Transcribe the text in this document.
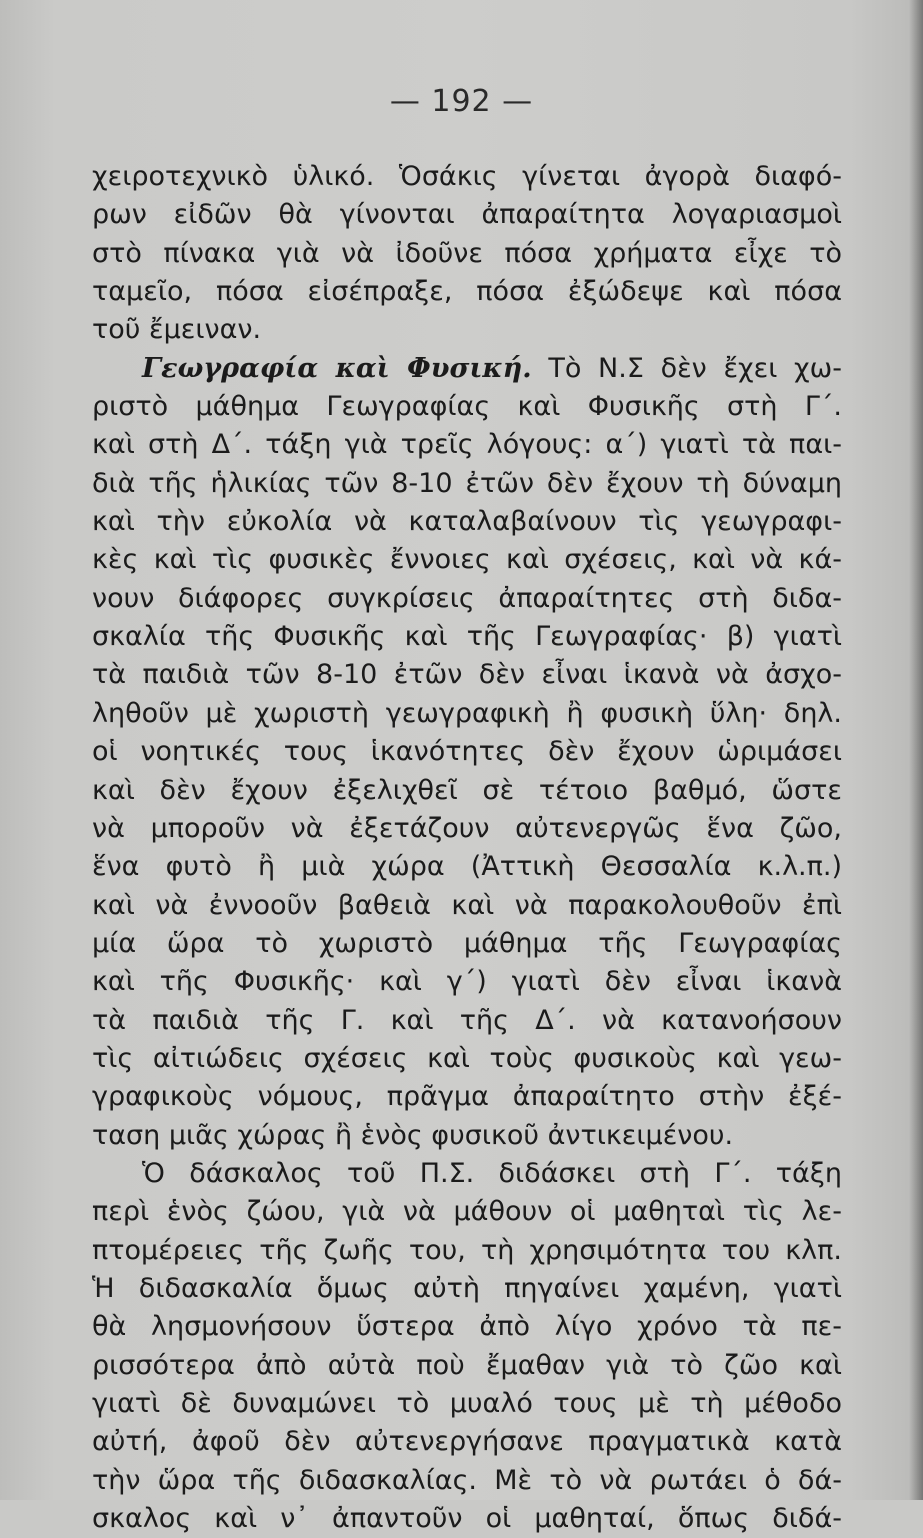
— 192 —
χειροτεχνικὸ ὑλικό. Ὁσάκις γίνεται ἀγορὰ διαφό-
ρων εἰδῶν θὰ γίνονται ἀπαραίτητα λογαριασμοὶ
στὸ πίνακα γιὰ νὰ ἰδοῦνε πόσα χρήματα εἶχε τὸ
ταμεῖο, πόσα εἰσέπραξε, πόσα ἐξώδεψε καὶ πόσα
τοῦ ἔμειναν.
Γεωγραφία καὶ Φυσική. Τὸ Ν.Σ δὲν ἔχει χω-
ριστὸ μάθημα Γεωγραφίας καὶ Φυσικῆς στὴ Γ΄.
καὶ στὴ Δ΄. τάξη γιὰ τρεῖς λόγους: α΄) γιατὶ τὰ παι-
διὰ τῆς ἡλικίας τῶν 8-10 ἐτῶν δὲν ἔχουν τὴ δύναμη
καὶ τὴν εὐκολία νὰ καταλαβαίνουν τὶς γεωγραφι-
κὲς καὶ τὶς φυσικὲς ἔννοιες καὶ σχέσεις, καὶ νὰ κά-
νουν διάφορες συγκρίσεις ἀπαραίτητες στὴ διδα-
σκαλία τῆς Φυσικῆς καὶ τῆς Γεωγραφίας· β) γιατὶ
τὰ παιδιὰ τῶν 8-10 ἐτῶν δὲν εἶναι ἱκανὰ νὰ ἀσχο-
ληθοῦν μὲ χωριστὴ γεωγραφικὴ ἢ φυσικὴ ὕλη· δηλ.
οἱ νοητικές τους ἱκανότητες δὲν ἔχουν ὡριμάσει
καὶ δὲν ἔχουν ἐξελιχθεῖ σὲ τέτοιο βαθμό, ὥστε
νὰ μποροῦν νὰ ἐξετάζουν αὐτενεργῶς ἕνα ζῶο,
ἕνα φυτὸ ἢ μιὰ χώρα (Ἀττικὴ Θεσσαλία κ.λ.π.)
καὶ νὰ ἐννοοῦν βαθειὰ καὶ νὰ παρακολουθοῦν ἐπὶ
μία ὥρα τὸ χωριστὸ μάθημα τῆς Γεωγραφίας
καὶ τῆς Φυσικῆς· καὶ γ΄) γιατὶ δὲν εἶναι ἱκανὰ
τὰ παιδιὰ τῆς Γ. καὶ τῆς Δ΄. νὰ κατανοήσουν
τὶς αἰτιώδεις σχέσεις καὶ τοὺς φυσικοὺς καὶ γεω-
γραφικοὺς νόμους, πρᾶγμα ἀπαραίτητο στὴν ἐξέ-
ταση μιᾶς χώρας ἢ ἑνὸς φυσικοῦ ἀντικειμένου.
Ὁ δάσκαλος τοῦ Π.Σ. διδάσκει στὴ Γ΄. τάξη
περὶ ἑνὸς ζώου, γιὰ νὰ μάθουν οἱ μαθηταὶ τὶς λε-
πτομέρειες τῆς ζωῆς του, τὴ χρησιμότητα του κλπ.
Ἡ διδασκαλία ὅμως αὐτὴ πηγαίνει χαμένη, γιατὶ
θὰ λησμονήσουν ὕστερα ἀπὸ λίγο χρόνο τὰ πε-
ρισσότερα ἀπὸ αὐτὰ ποὺ ἔμαθαν γιὰ τὸ ζῶο καὶ
γιατὶ δὲ δυναμώνει τὸ μυαλό τους μὲ τὴ μέθοδο
αὐτή, ἀφοῦ δὲν αὐτενεργήσανε πραγματικὰ κατὰ
τὴν ὥρα τῆς διδασκαλίας. Μὲ τὸ νὰ ρωτάει ὁ δά-
σκαλος καὶ ν᾽ ἀπαντοῦν οἱ μαθηταί, ὅπως διδά-
